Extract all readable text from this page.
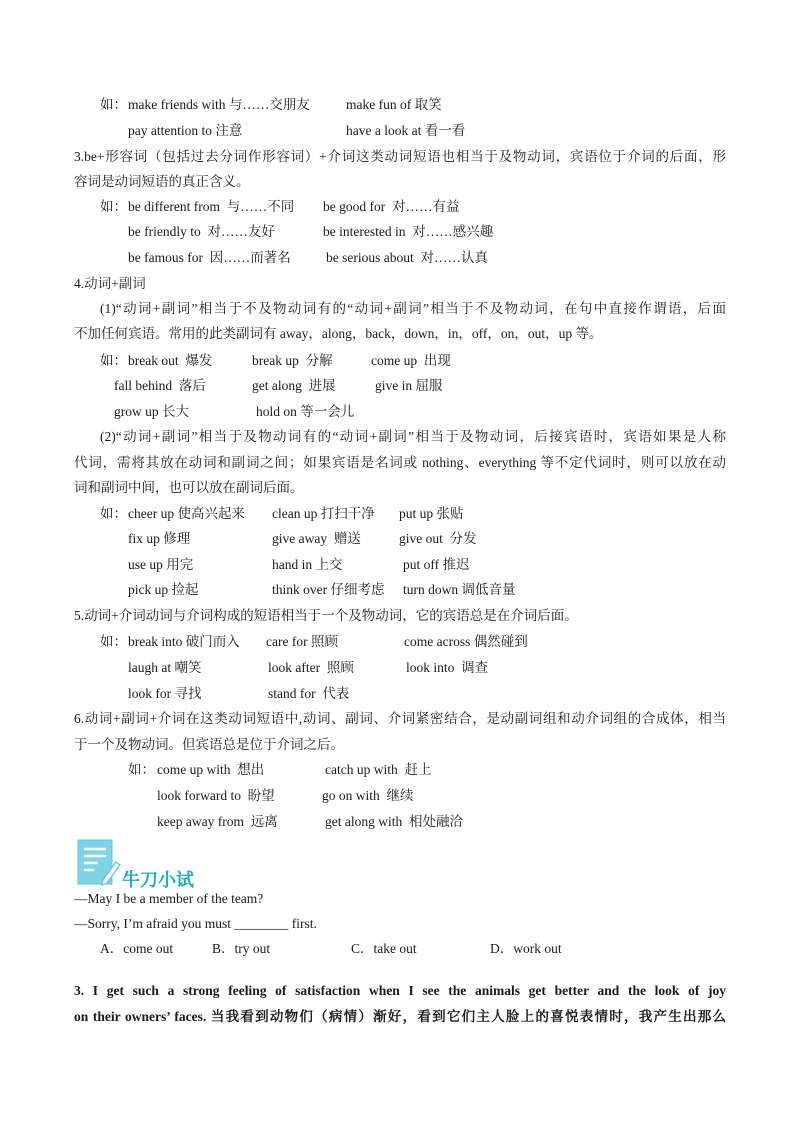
如： make friends with 与……交朋友	make fun of 取笑
pay attention to 注意	have a look at 看一看
3.be+形容词（包括过去分词作形容词）+介词这类动词短语也相当于及物动词，宾语位于介词的后面，形
容词是动词短语的真正含义。
如： be different from  与……不同 be good for  对……有益
be friendly to  对……友好	be interested in  对……感兴趣
be famous for  因……而著名	be serious about  对……认真
4.动词+副词
(1)“动词+副词”相当于不及物动词有的“动词+副词”相当于不及物动词，在句中直接作谓语，后面
不加任何宾语。常用的此类副词有 away，along，back，down，in，off，on，out，up 等。
如： break out  爆发	break up  分解	come up  出现
fall behind  落后	get along  进展	give in 屈服
grow up 长大	hold on 等一会儿
(2)“动词+副词”相当于及物动词有的“动词+副词”相当于及物动词，后接宾语时，宾语如果是人称
代词，需将其放在动词和副词之间；如果宾语是名词或 nothing、everything 等不定代词时，则可以放在动
词和副词中间，也可以放在副词后面。
如： cheer up 使高兴起来 clean up 打扫干净 put up 张贴
fix up 修理	give away  赠送	give out  分发
use up 用完	hand in 上交	put off 推迟
pick up 捡起	think over 仔细考虑 turn down 调低音量
5.动词+介词动词与介词构成的短语相当于一个及物动词，它的宾语总是在介词后面。
如： break into 破门而入 care for 照顾	come across 偶然碰到
laugh at 嘲笑	look after  照顾	look into  调查
look for 寻找	stand for  代表
6.动词+副词+介词在这类动词短语中,动词、副词、介词紧密结合，是动副词组和动介词组的合成体，相当
于一个及物动词。但宾语总是位于介词之后。
如： come up with  想出	catch up with  赶上
look forward to  盼望	go on with  继续
keep away from  远离	get along with  相处融洽
牛刀小试
—May I be a member of the team?
—Sorry, I’m afraid you must ________ first.
A．come out	B．try out	C．take out	D．work out
3. I get such a strong feeling of satisfaction when I see the animals get better and the look of joy
on their owners’ faces. 当我看到动物们（病情）渐好，看到它们主人脸上的喜悦表情时，我产生出那么
